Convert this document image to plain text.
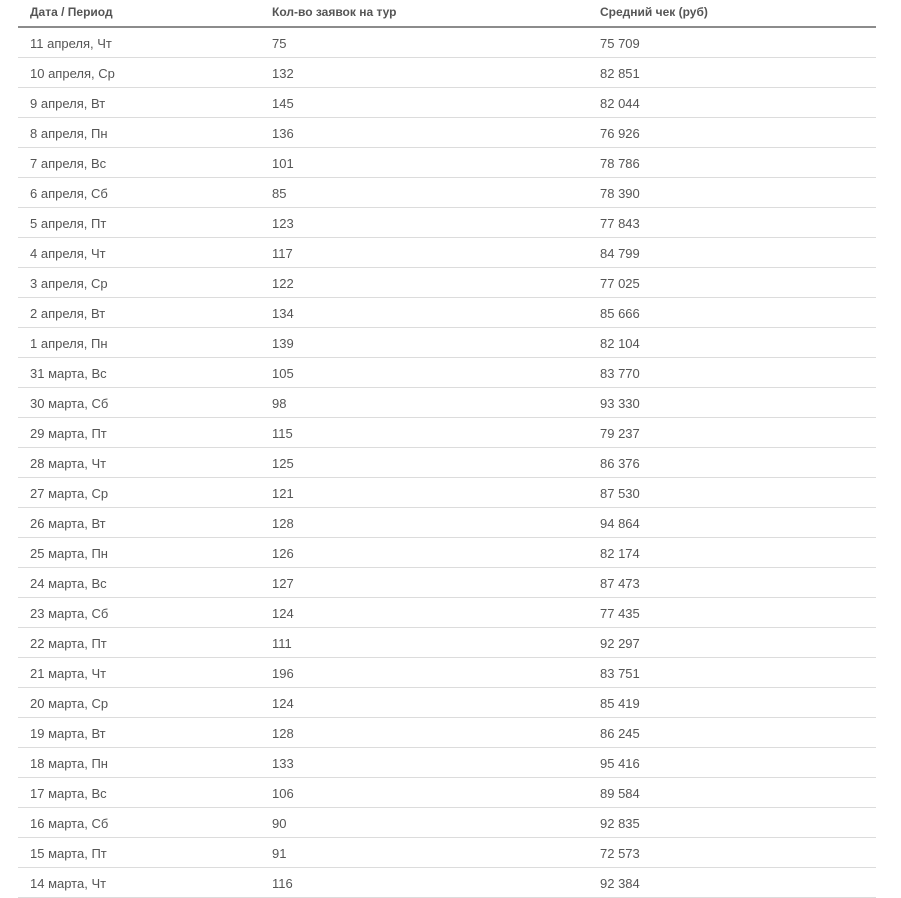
Дата / Период	Кол-во заявок на тур	Средний чек (руб)
11 апреля, Чт	75	75 709
10 апреля, Ср	132	82 851
9 апреля, Вт	145	82 044
8 апреля, Пн	136	76 926
7 апреля, Вс	101	78 786
6 апреля, Сб	85	78 390
5 апреля, Пт	123	77 843
4 апреля, Чт	117	84 799
3 апреля, Ср	122	77 025
2 апреля, Вт	134	85 666
1 апреля, Пн	139	82 104
31 марта, Вс	105	83 770
30 марта, Сб	98	93 330
29 марта, Пт	115	79 237
28 марта, Чт	125	86 376
27 марта, Ср	121	87 530
26 марта, Вт	128	94 864
25 марта, Пн	126	82 174
24 марта, Вс	127	87 473
23 марта, Сб	124	77 435
22 марта, Пт	111	92 297
21 марта, Чт	196	83 751
20 марта, Ср	124	85 419
19 марта, Вт	128	86 245
18 марта, Пн	133	95 416
17 марта, Вс	106	89 584
16 марта, Сб	90	92 835
15 марта, Пт	91	72 573
14 марта, Чт	116	92 384
